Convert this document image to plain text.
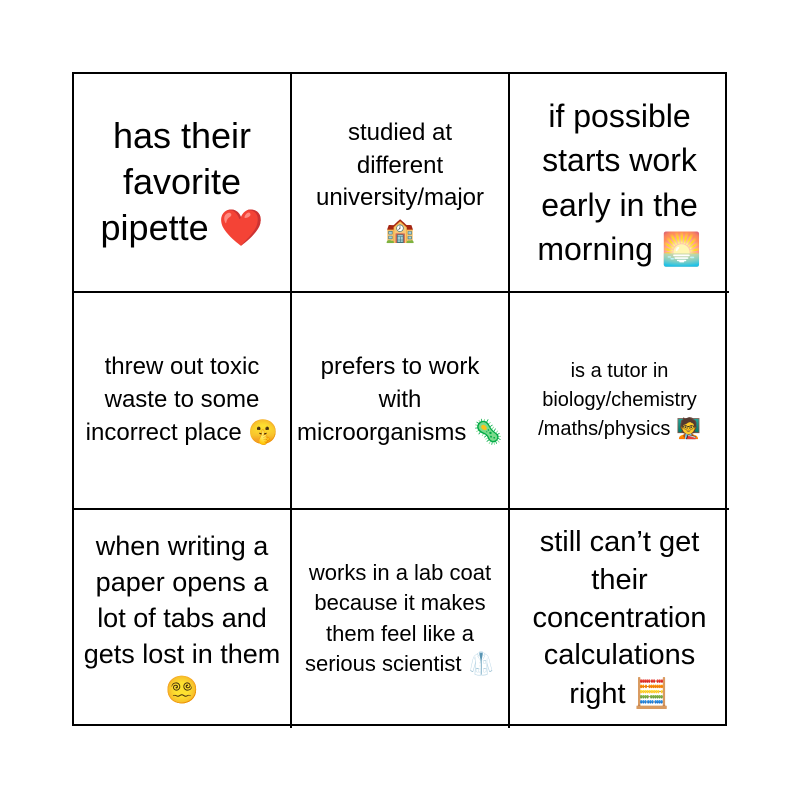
has their favorite pipette ❤️
studied at different university/major 🏫
if possible starts work early in the morning 🌅
threw out toxic waste to some incorrect place 🤫
prefers to work with microorganisms 🦠
is a tutor in biology/chemistry /maths/physics 🧑‍🏫
when writing a paper opens a lot of tabs and gets lost in them 😵‍💫
works in a lab coat because it makes them feel like a serious scientist 🥼
still can’t get their concentration calculations right 🧮
